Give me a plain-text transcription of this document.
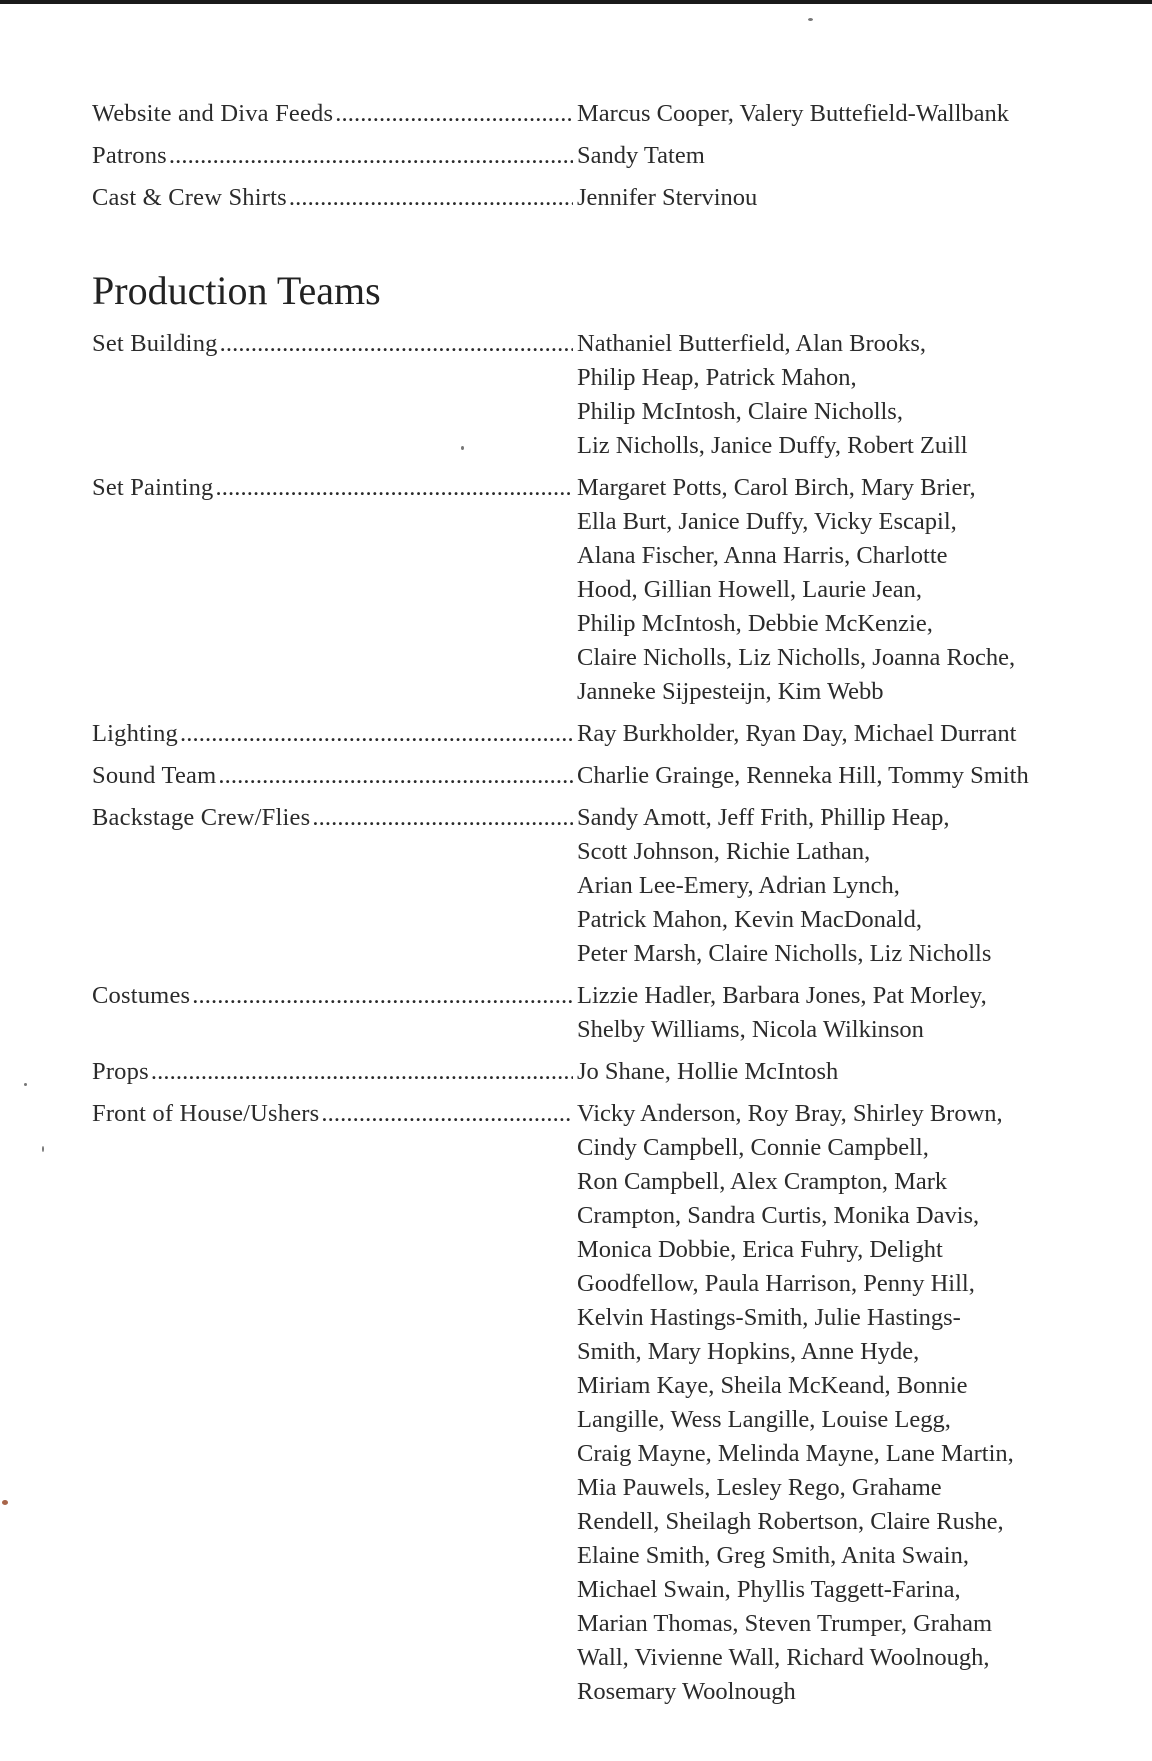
Website and Diva Feeds . . .	Marcus Cooper, Valery Buttefield-Wallbank
Patrons . . .	Sandy Tatem
Cast & Crew Shirts . . .	Jennifer Stervinou
Production Teams
Set Building . . .	Nathaniel Butterfield, Alan Brooks,
Philip Heap, Patrick Mahon,
Philip McIntosh, Claire Nicholls,
Liz Nicholls, Janice Duffy, Robert Zuill
Set Painting . . .	Margaret Potts, Carol Birch, Mary Brier,
Ella Burt, Janice Duffy, Vicky Escapil,
Alana Fischer, Anna Harris, Charlotte
Hood, Gillian Howell, Laurie Jean,
Philip McIntosh, Debbie McKenzie,
Claire Nicholls, Liz Nicholls, Joanna Roche,
Janneke Sijpesteijn, Kim Webb
Lighting . . .	Ray Burkholder, Ryan Day, Michael Durrant
Sound Team . . .	Charlie Grainge, Renneka Hill, Tommy Smith
Backstage Crew/Flies . . .	Sandy Amott, Jeff Frith, Phillip Heap,
Scott Johnson, Richie Lathan,
Arian Lee-Emery, Adrian Lynch,
Patrick Mahon, Kevin MacDonald,
Peter Marsh, Claire Nicholls, Liz Nicholls
Costumes . . .	Lizzie Hadler, Barbara Jones, Pat Morley,
Shelby Williams, Nicola Wilkinson
Props . . .	Jo Shane, Hollie McIntosh
Front of House/Ushers . . .	Vicky Anderson, Roy Bray, Shirley Brown,
Cindy Campbell, Connie Campbell,
Ron Campbell, Alex Crampton, Mark
Crampton, Sandra Curtis, Monika Davis,
Monica Dobbie, Erica Fuhry, Delight
Goodfellow, Paula Harrison, Penny Hill,
Kelvin Hastings-Smith, Julie Hastings-
Smith, Mary Hopkins, Anne Hyde,
Miriam Kaye, Sheila McKeand, Bonnie
Langille, Wess Langille, Louise Legg,
Craig Mayne, Melinda Mayne, Lane Martin,
Mia Pauwels, Lesley Rego, Grahame
Rendell, Sheilagh Robertson, Claire Rushe,
Elaine Smith, Greg Smith, Anita Swain,
Michael Swain, Phyllis Taggett-Farina,
Marian Thomas, Steven Trumper, Graham
Wall, Vivienne Wall, Richard Woolnough,
Rosemary Woolnough
